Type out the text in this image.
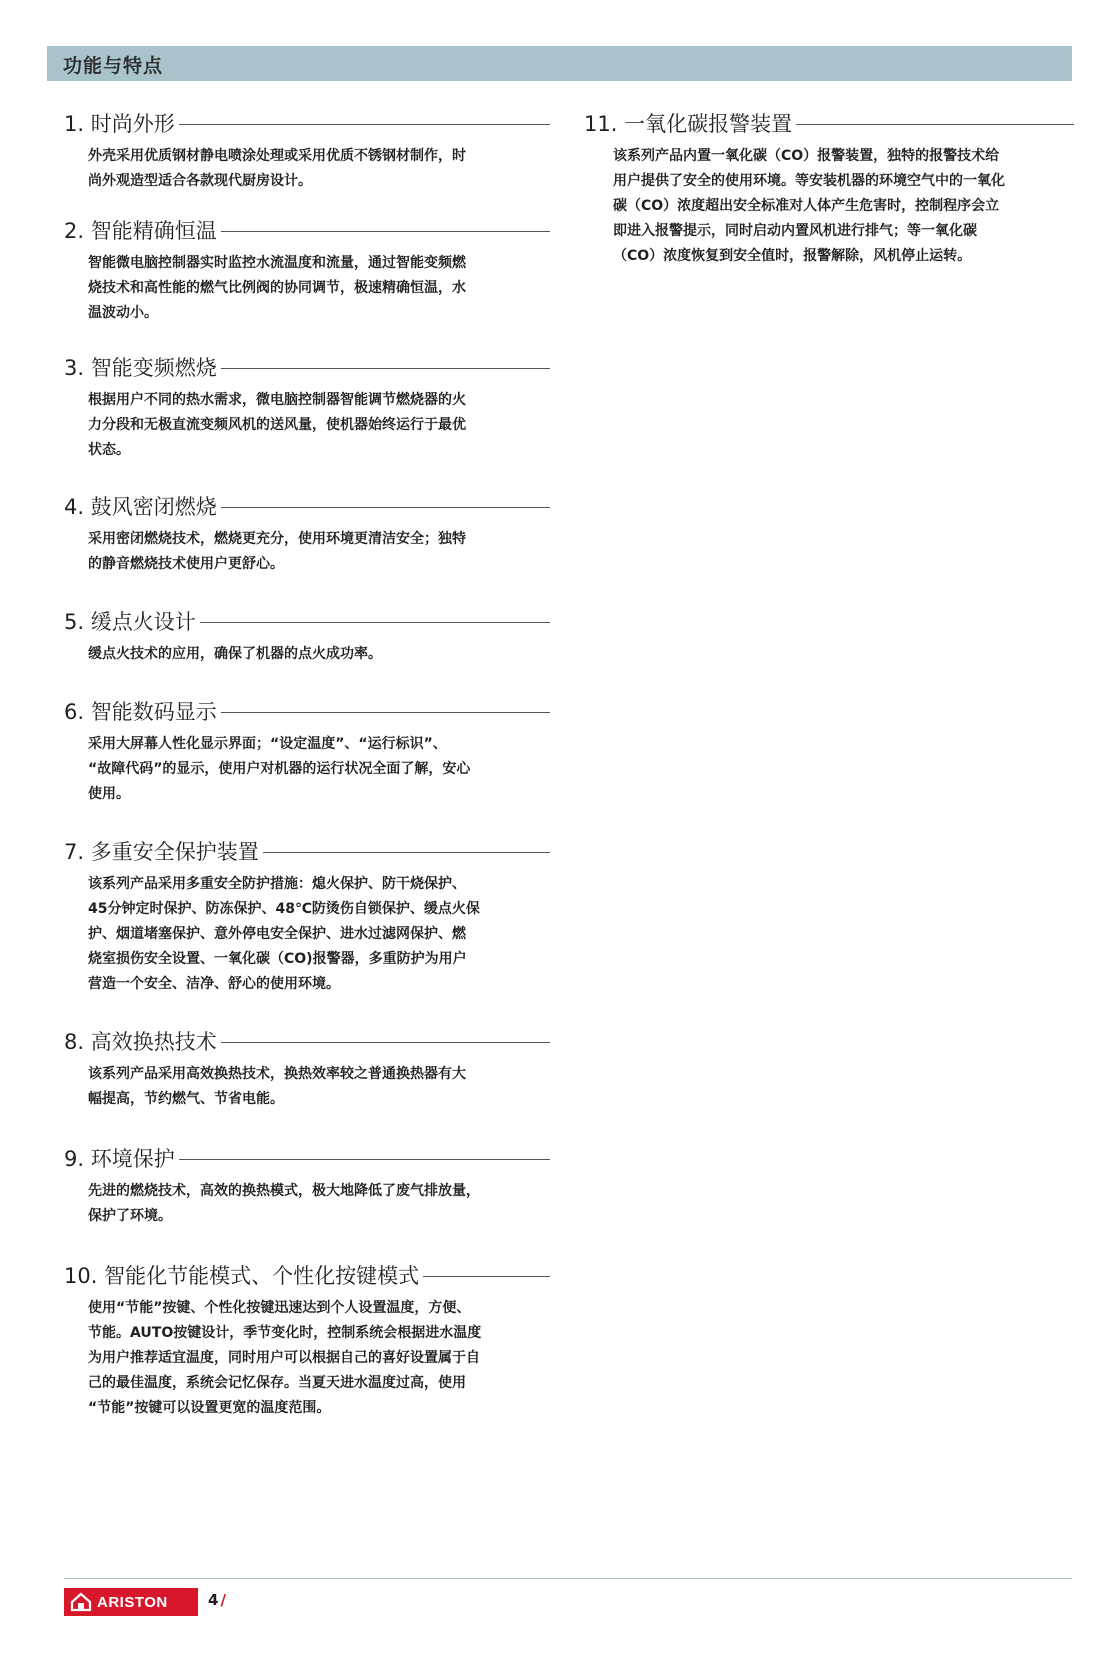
功能与特点
1. 时尚外形
外壳采用优质钢材静电喷涂处理或采用优质不锈钢材制作，时
尚外观造型适合各款现代厨房设计。
2. 智能精确恒温
智能微电脑控制器实时监控水流温度和流量，通过智能变频燃
烧技术和高性能的燃气比例阀的协同调节，极速精确恒温，水
温波动小。
3. 智能变频燃烧
根据用户不同的热水需求，微电脑控制器智能调节燃烧器的火
力分段和无极直流变频风机的送风量，使机器始终运行于最优
状态。
4. 鼓风密闭燃烧
采用密闭燃烧技术，燃烧更充分，使用环境更清洁安全；独特
的静音燃烧技术使用户更舒心。
5. 缓点火设计
缓点火技术的应用，确保了机器的点火成功率。
6. 智能数码显示
采用大屏幕人性化显示界面；“设定温度”、“运行标识”、
“故障代码”的显示，使用户对机器的运行状况全面了解，安心
使用。
7. 多重安全保护装置
该系列产品采用多重安全防护措施：熄火保护、防干烧保护、
45分钟定时保护、防冻保护、48℃防烫伤自锁保护、缓点火保
护、烟道堵塞保护、意外停电安全保护、进水过滤网保护、燃
烧室损伤安全设置、一氧化碳（CO)报警器，多重防护为用户
营造一个安全、洁净、舒心的使用环境。
8. 高效换热技术
该系列产品采用高效换热技术，换热效率较之普通换热器有大
幅提高，节约燃气、节省电能。
9. 环境保护
先进的燃烧技术，高效的换热模式，极大地降低了废气排放量，
保护了环境。
10. 智能化节能模式、个性化按键模式
使用“节能”按键、个性化按键迅速达到个人设置温度，方便、
节能。AUTO按键设计，季节变化时，控制系统会根据进水温度
为用户推荐适宜温度，同时用户可以根据自己的喜好设置属于自
己的最佳温度，系统会记忆保存。当夏天进水温度过高，使用
“节能”按键可以设置更宽的温度范围。
11. 一氧化碳报警装置
该系列产品内置一氧化碳（CO）报警装置，独特的报警技术给
用户提供了安全的使用环境。等安装机器的环境空气中的一氧化
碳（CO）浓度超出安全标准对人体产生危害时，控制程序会立
即进入报警提示，同时启动内置风机进行排气；等一氧化碳
（CO）浓度恢复到安全值时，报警解除，风机停止运转。
ARISTON	4 /
